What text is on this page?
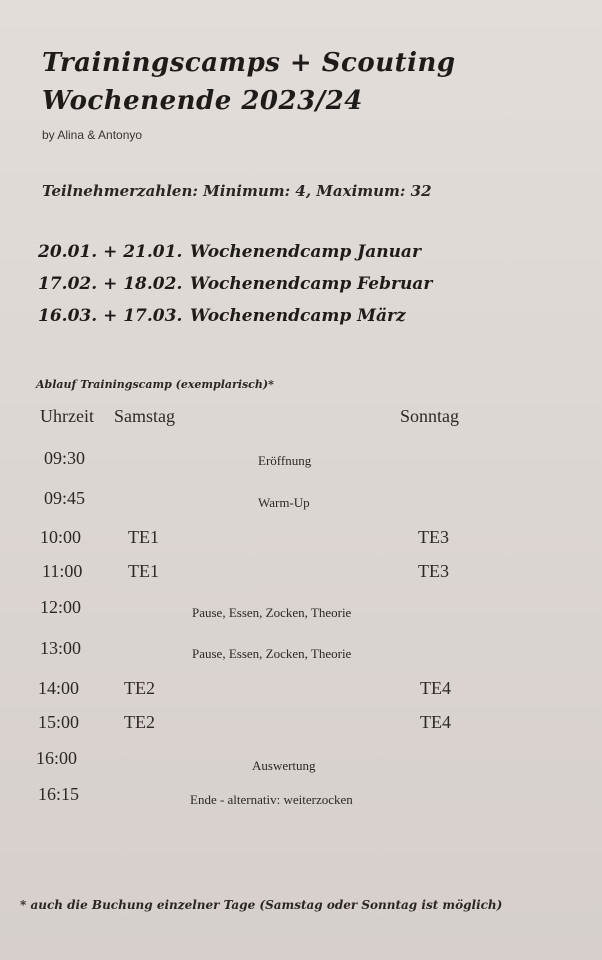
Trainingscamps + Scouting
Wochenende 2023/24
by Alina & Antonyo
Teilnehmerzahlen: Minimum: 4, Maximum: 32
20.01. + 21.01. Wochenendcamp Januar
17.02. + 18.02. Wochenendcamp Februar
16.03. + 17.03. Wochenendcamp März
Ablauf Trainingscamp (exemplarisch)*
Uhrzeit Samstag	Sonntag
09:30	Eröffnung
09:45	Warm-Up
10:00	TE1	TE3
11:00	TE1	TE3
12:00	Pause, Essen, Zocken, Theorie
13:00	Pause, Essen, Zocken, Theorie
14:00 TE2	TE4
15:00 TE2	TE4
16:00	Auswertung
16:15	Ende - alternativ: weiterzocken
* auch die Buchung einzelner Tage (Samstag oder Sonntag ist möglich)
